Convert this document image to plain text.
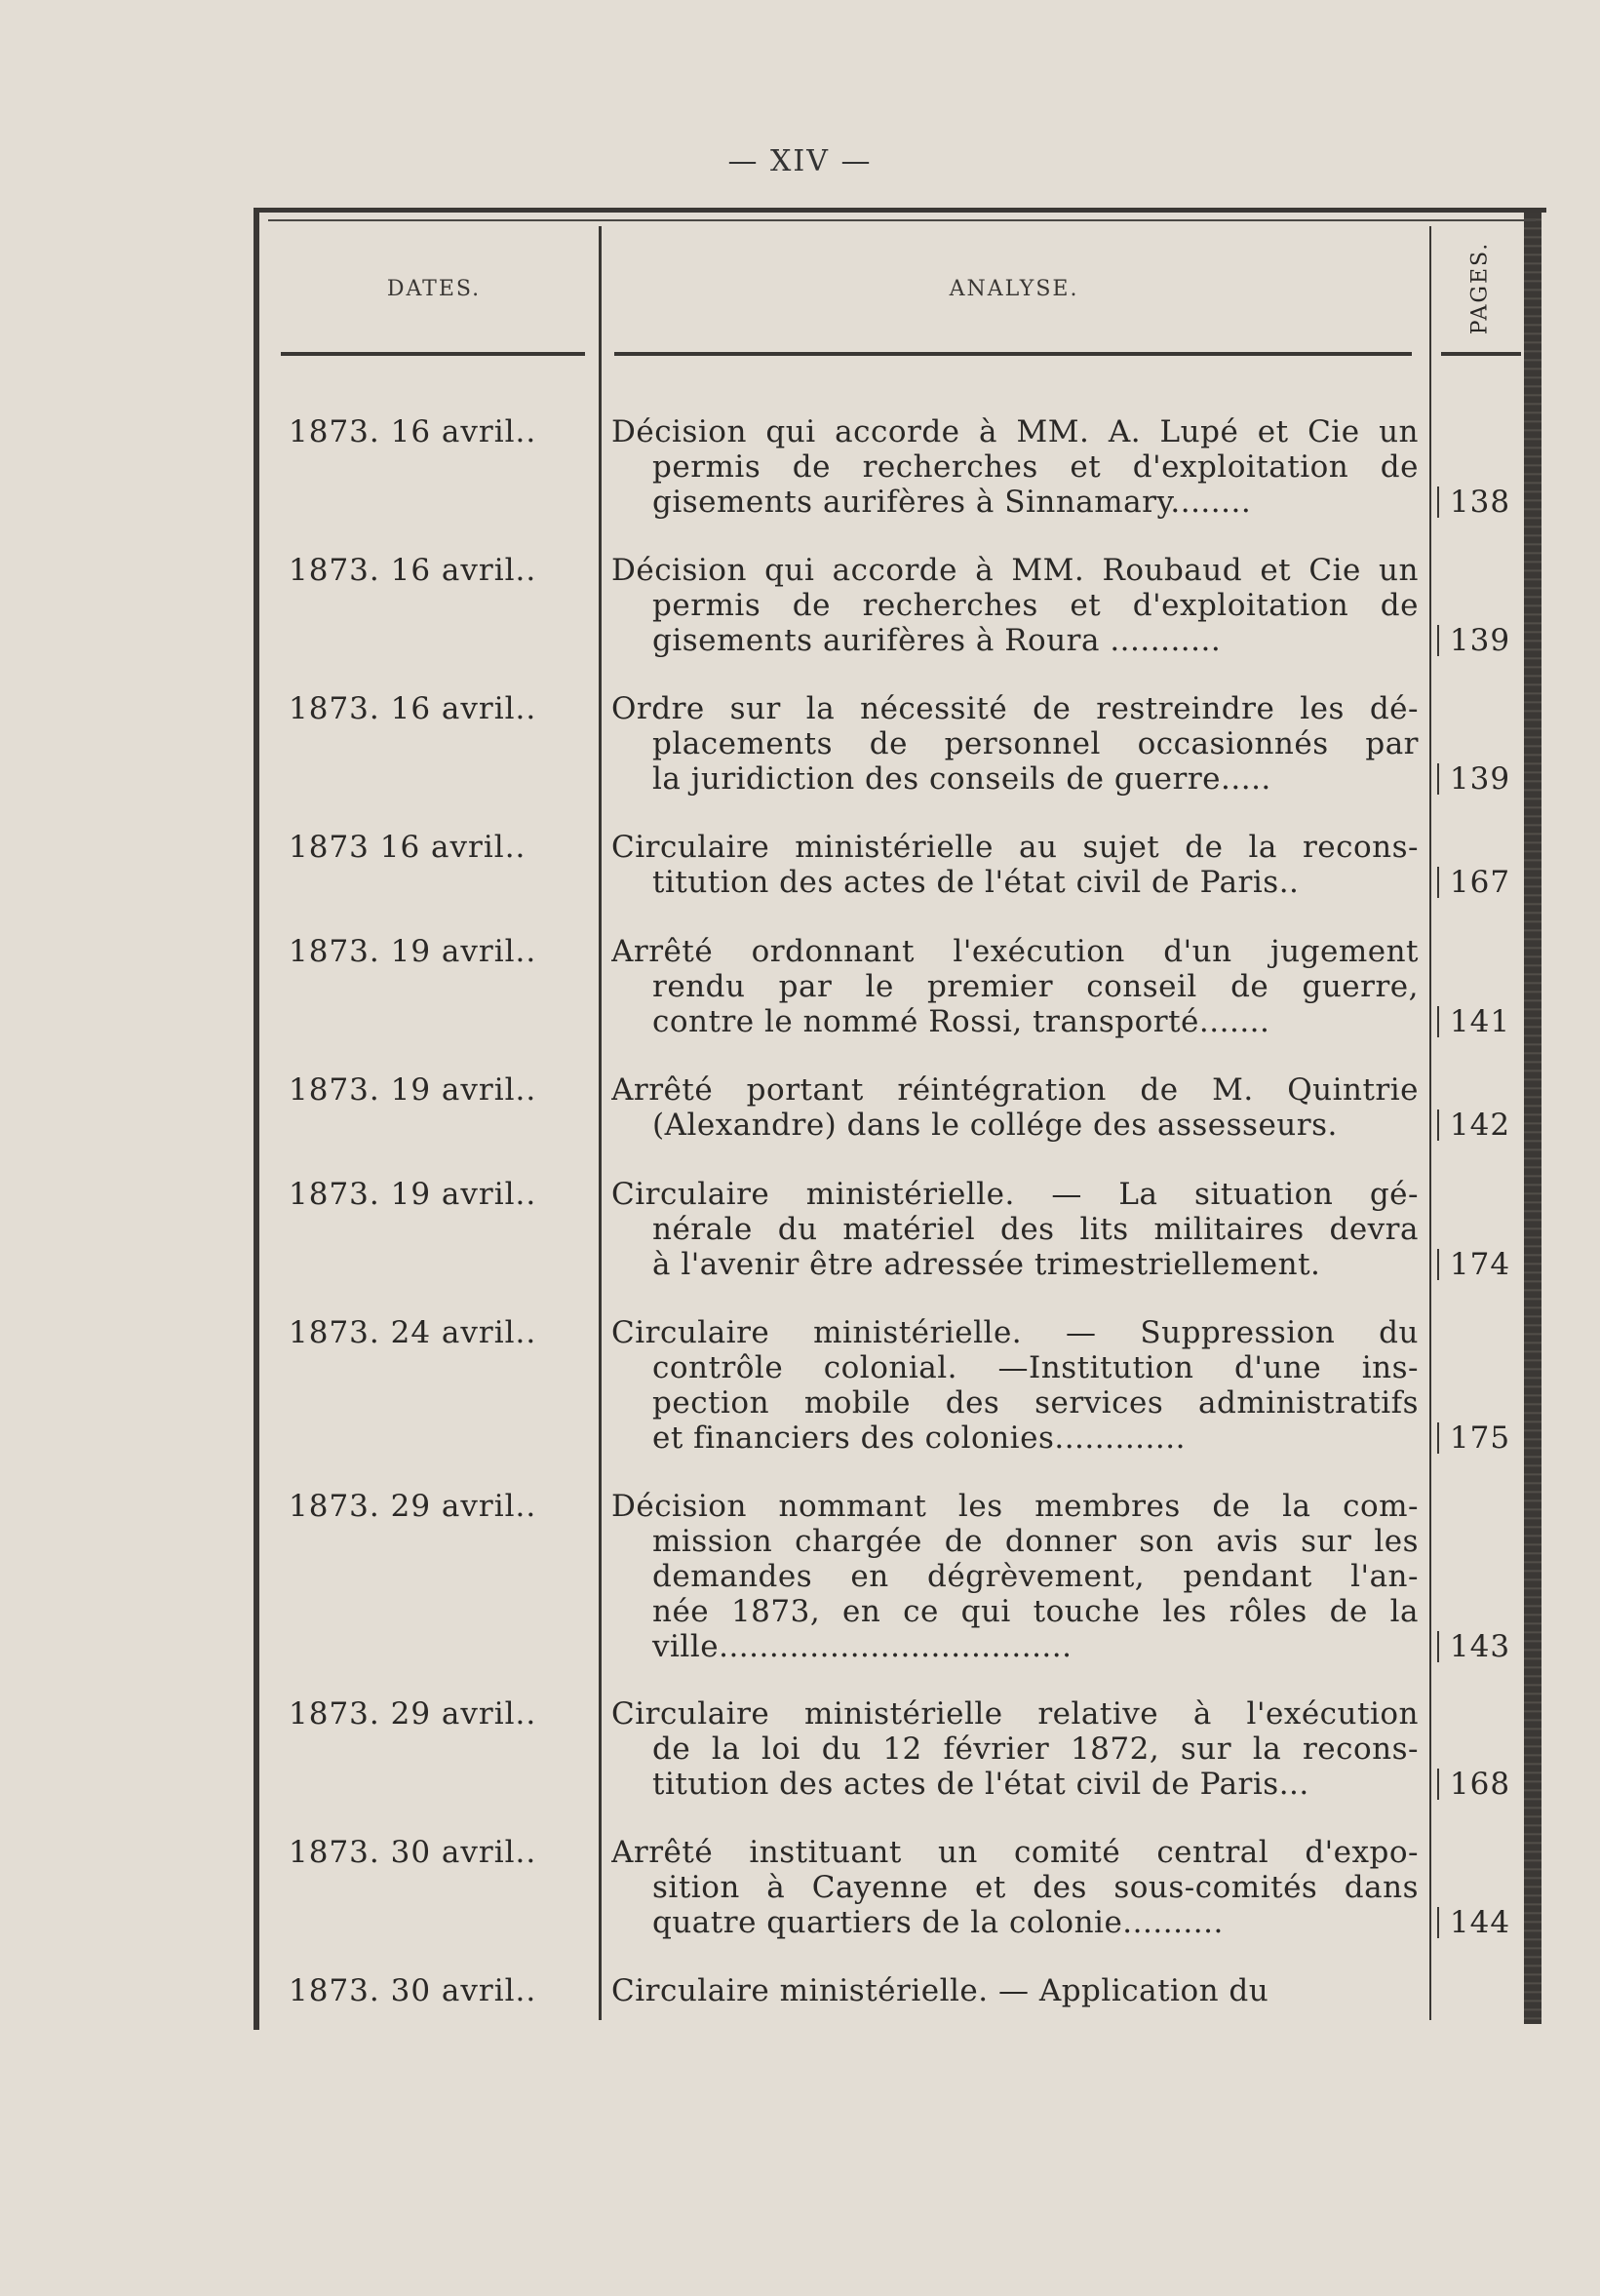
— XIV —
DATES.	ANALYSE.	PAGES.
1873. 16 avril.. Décision qui accorde à MM. A. Lupé et Cie un
permis de recherches et d'exploitation de
gisements aurifères à Sinnamary........	138
1873. 16 avril.. Décision qui accorde à MM. Roubaud et Cie un
permis de recherches et d'exploitation de
gisements aurifères à Roura ...........	139
1873. 16 avril.. Ordre sur la nécessité de restreindre les dé-
placements de personnel occasionnés par
la juridiction des conseils de guerre.....	139
1873 16 avril..	Circulaire ministérielle au sujet de la recons-
titution des actes de l'état civil de Paris..	167
1873. 19 avril.. Arrêté ordonnant l'exécution d'un jugement
rendu par le premier conseil de guerre,
contre le nommé Rossi, transporté.......	141
1873. 19 avril.. Arrêté portant réintégration de M. Quintrie
(Alexandre) dans le collége des assesseurs.	142
1873. 19 avril.. Circulaire ministérielle. — La situation gé-
nérale du matériel des lits militaires devra
à l'avenir être adressée trimestriellement.	174
1873. 24 avril.. Circulaire ministérielle. — Suppression du
contrôle colonial. —Institution d'une ins-
pection mobile des services administratifs
et financiers des colonies.............	175
1873. 29 avril.. Décision nommant les membres de la com-
mission chargée de donner son avis sur les
demandes en dégrèvement, pendant l'an-
née 1873, en ce qui touche les rôles de la
ville...................................	143
1873. 29 avril.. Circulaire ministérielle relative à l'exécution
de la loi du 12 février 1872, sur la recons-
titution des actes de l'état civil de Paris...	168
1873. 30 avril.. Arrêté instituant un comité central d'expo-
sition à Cayenne et des sous-comités dans
quatre quartiers de la colonie..........	144
1873. 30 avril.. Circulaire ministérielle. — Application du
